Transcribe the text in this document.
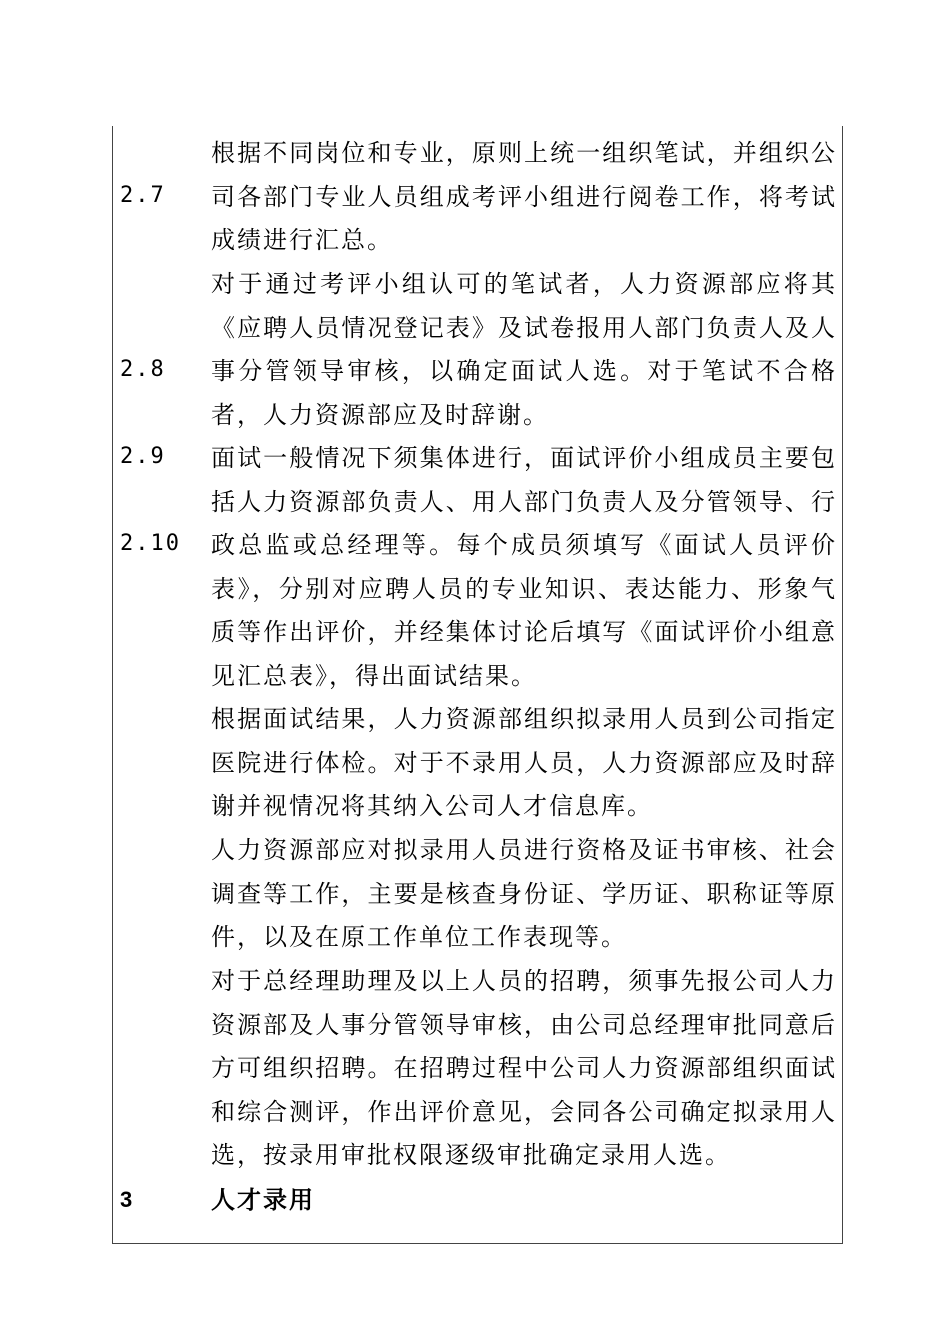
2.7
2.8
2.9
2.10
根据不同岗位和专业，原则上统一组织笔试，并组织公司各部门专业人员组成考评小组进行阅卷工作，将考试成绩进行汇总。
对于通过考评小组认可的笔试者，人力资源部应将其《应聘人员情况登记表》及试卷报用人部门负责人及人事分管领导审核，以确定面试人选。对于笔试不合格者，人力资源部应及时辞谢。
面试一般情况下须集体进行，面试评价小组成员主要包括人力资源部负责人、用人部门负责人及分管领导、行政总监或总经理等。每个成员须填写《面试人员评价表》，分别对应聘人员的专业知识、表达能力、形象气质等作出评价，并经集体讨论后填写《面试评价小组意见汇总表》，得出面试结果。
根据面试结果，人力资源部组织拟录用人员到公司指定医院进行体检。对于不录用人员，人力资源部应及时辞谢并视情况将其纳入公司人才信息库。
人力资源部应对拟录用人员进行资格及证书审核、社会调查等工作，主要是核查身份证、学历证、职称证等原件，以及在原工作单位工作表现等。
对于总经理助理及以上人员的招聘，须事先报公司人力资源部及人事分管领导审核，由公司总经理审批同意后方可组织招聘。在招聘过程中公司人力资源部组织面试和综合测评，作出评价意见，会同各公司确定拟录用人选，按录用审批权限逐级审批确定录用人选。
3	人才录用
